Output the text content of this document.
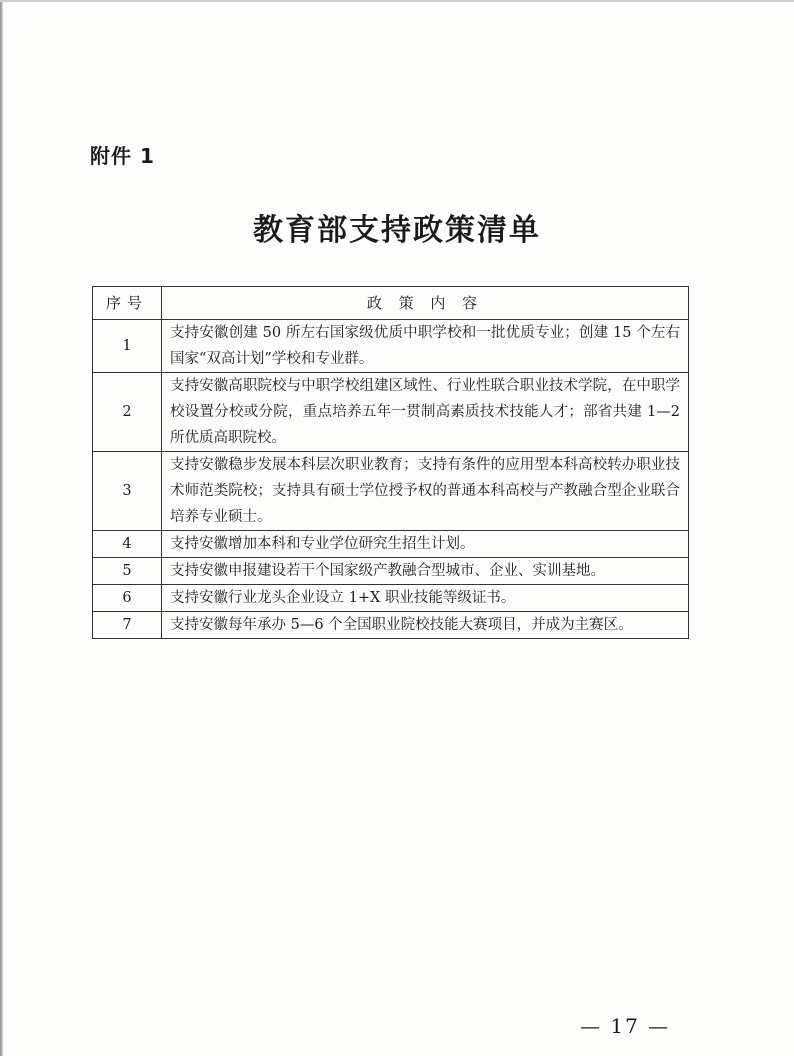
附件 1
教育部支持政策清单
序号	政 策 内 容
1	支持安徽创建 50 所左右国家级优质中职学校和一批优质专业；创建 15 个左右国家“双高计划”学校和专业群。
2	支持安徽高职院校与中职学校组建区域性、行业性联合职业技术学院，在中职学校设置分校或分院，重点培养五年一贯制高素质技术技能人才；部省共建 1—2 所优质高职院校。
3	支持安徽稳步发展本科层次职业教育；支持有条件的应用型本科高校转办职业技术师范类院校；支持具有硕士学位授予权的普通本科高校与产教融合型企业联合培养专业硕士。
4	支持安徽增加本科和专业学位研究生招生计划。
5	支持安徽申报建设若干个国家级产教融合型城市、企业、实训基地。
6	支持安徽行业龙头企业设立 1+X 职业技能等级证书。
7	支持安徽每年承办 5—6 个全国职业院校技能大赛项目，并成为主赛区。
— 17 —
